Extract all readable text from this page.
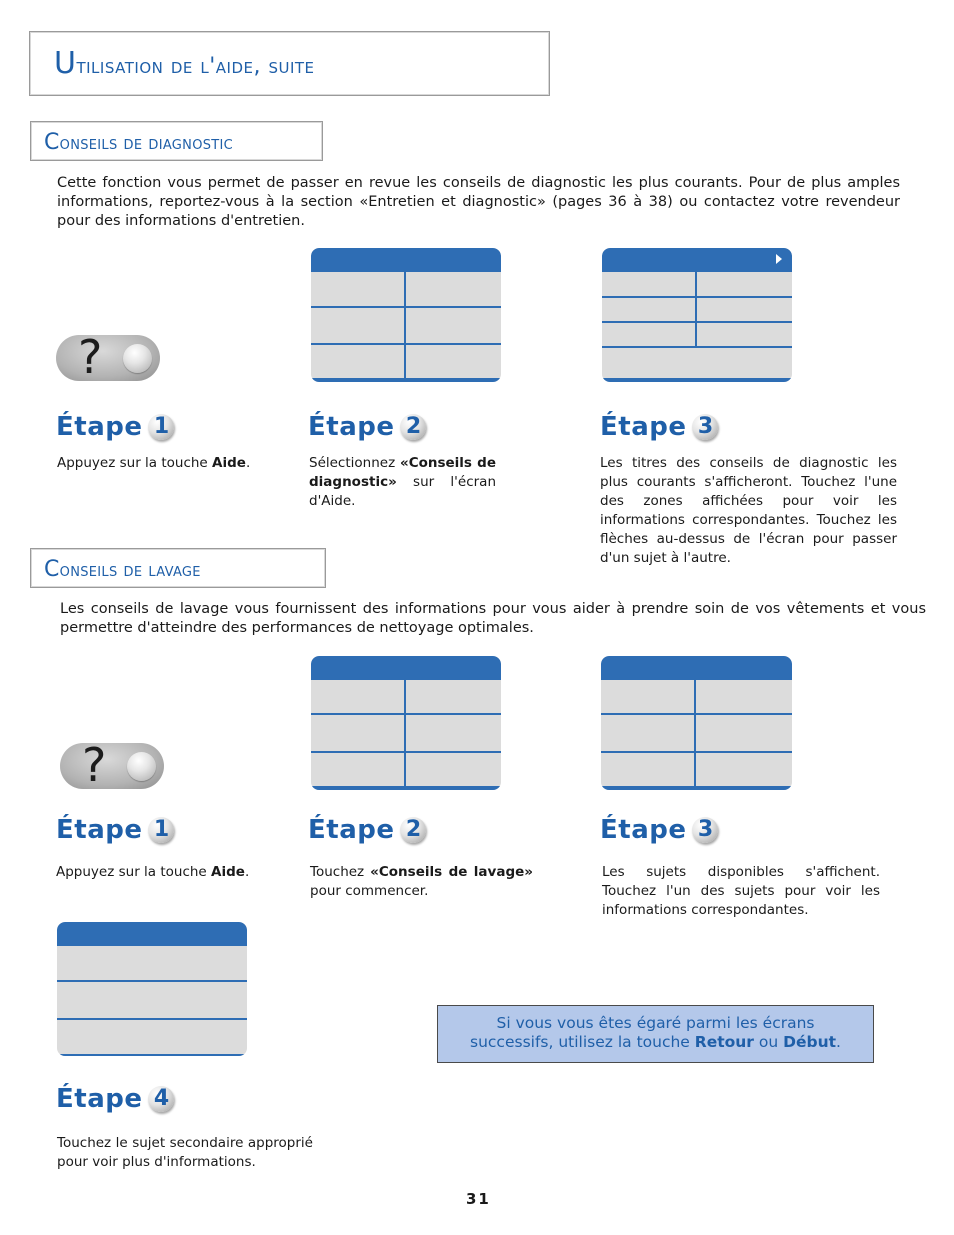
Utilisation de l'aide, suite
Conseils de diagnostic
Cette fonction vous permet de passer en revue les conseils de diagnostic les plus courants. Pour de plus amples informations, reportez-vous à la section «Entretien et diagnostic» (pages 36 à 38) ou contactez votre revendeur pour des informations d'entretien.
?
Étape 1	Étape 2	Étape 3
Appuyez sur la touche Aide.	Sélectionnez «Conseils de diagnostic» sur l'écran d'Aide.
Les titres des conseils de diagnostic les plus courants s'afficheront. Touchez l'une des zones affichées pour voir les informations correspondantes. Touchez les flèches au-dessus de l'écran pour passer d'un sujet à l'autre.
Conseils de lavage
Les conseils de lavage vous fournissent des informations pour vous aider à prendre soin de vos vêtements et vous permettre d'atteindre des performances de nettoyage optimales.
?
Étape 1	Étape 2	Étape 3
Appuyez sur la touche Aide.	Touchez «Conseils de lavage» pour commencer.
Les sujets disponibles s'affichent. Touchez l'un des sujets pour voir les informations correspondantes.
Étape 4
Touchez le sujet secondaire approprié pour voir plus d'informations.
Si vous vous êtes égaré parmi les écrans successifs, utilisez la touche Retour ou Début.
31
